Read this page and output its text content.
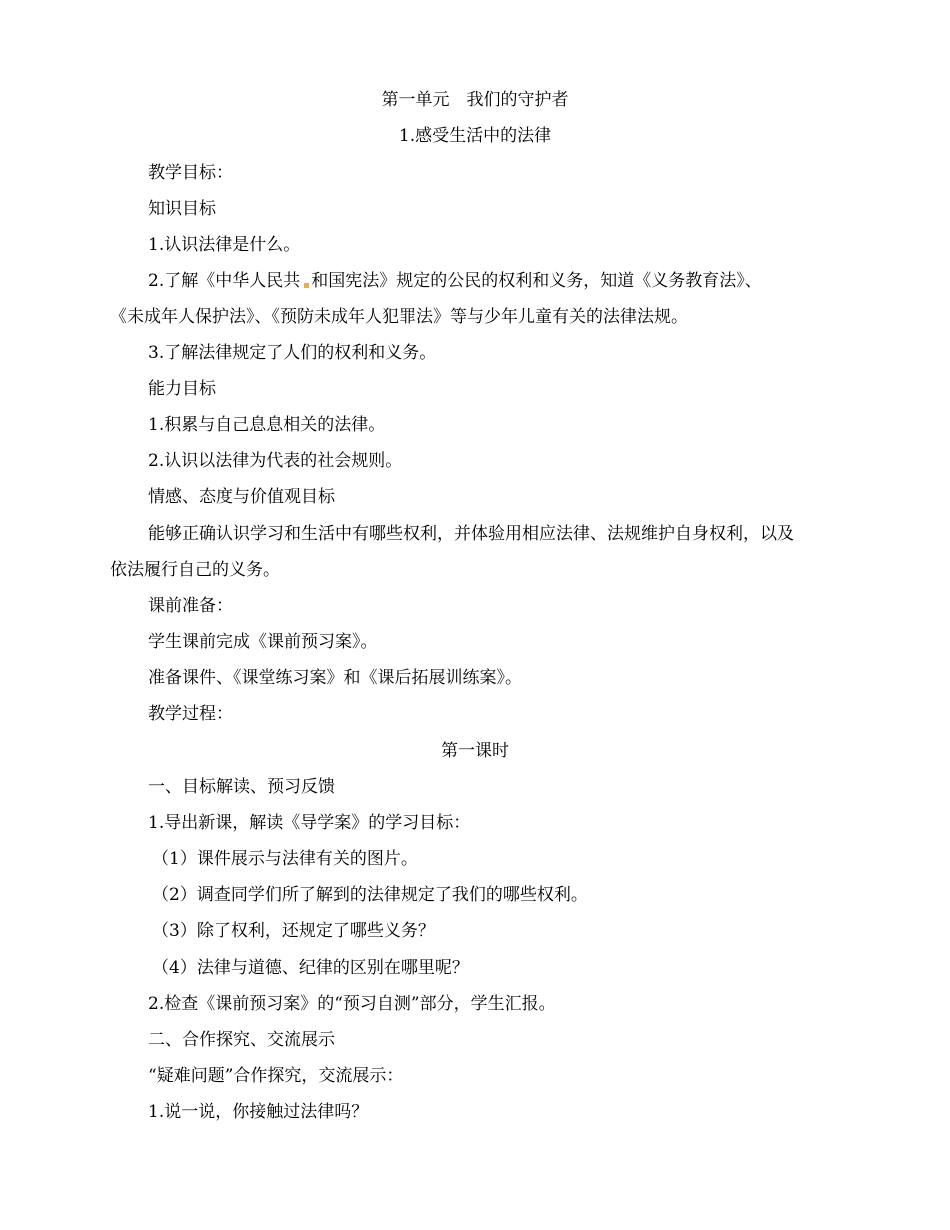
第一单元　我们的守护者
1.感受生活中的法律
教学目标：
知识目标
1.认识法律是什么。
2.了解《中华人民共 和国宪法》规定的公民的权利和义务，知道《义务教育法》、
《未成年人保护法》、《预防未成年人犯罪法》等与少年儿童有关的法律法规。
3.了解法律规定了人们的权利和义务。
能力目标
1.积累与自己息息相关的法律。
2.认识以法律为代表的社会规则。
情感、态度与价值观目标
能够正确认识学习和生活中有哪些权利，并体验用相应法律、法规维护自身权利，以及
依法履行自己的义务。
课前准备：
学生课前完成《课前预习案》。
准备课件、《课堂练习案》和《课后拓展训练案》。
教学过程：
第一课时
一、目标解读、预习反馈
1.导出新课，解读《导学案》的学习目标：
（1）课件展示与法律有关的图片。
（2）调查同学们所了解到的法律规定了我们的哪些权利。
（3）除了权利，还规定了哪些义务？
（4）法律与道德、纪律的区别在哪里呢？
2.检查《课前预习案》的“预习自测”部分，学生汇报。
二、合作探究、交流展示
“疑难问题”合作探究，交流展示：
1.说一说，你接触过法律吗？
